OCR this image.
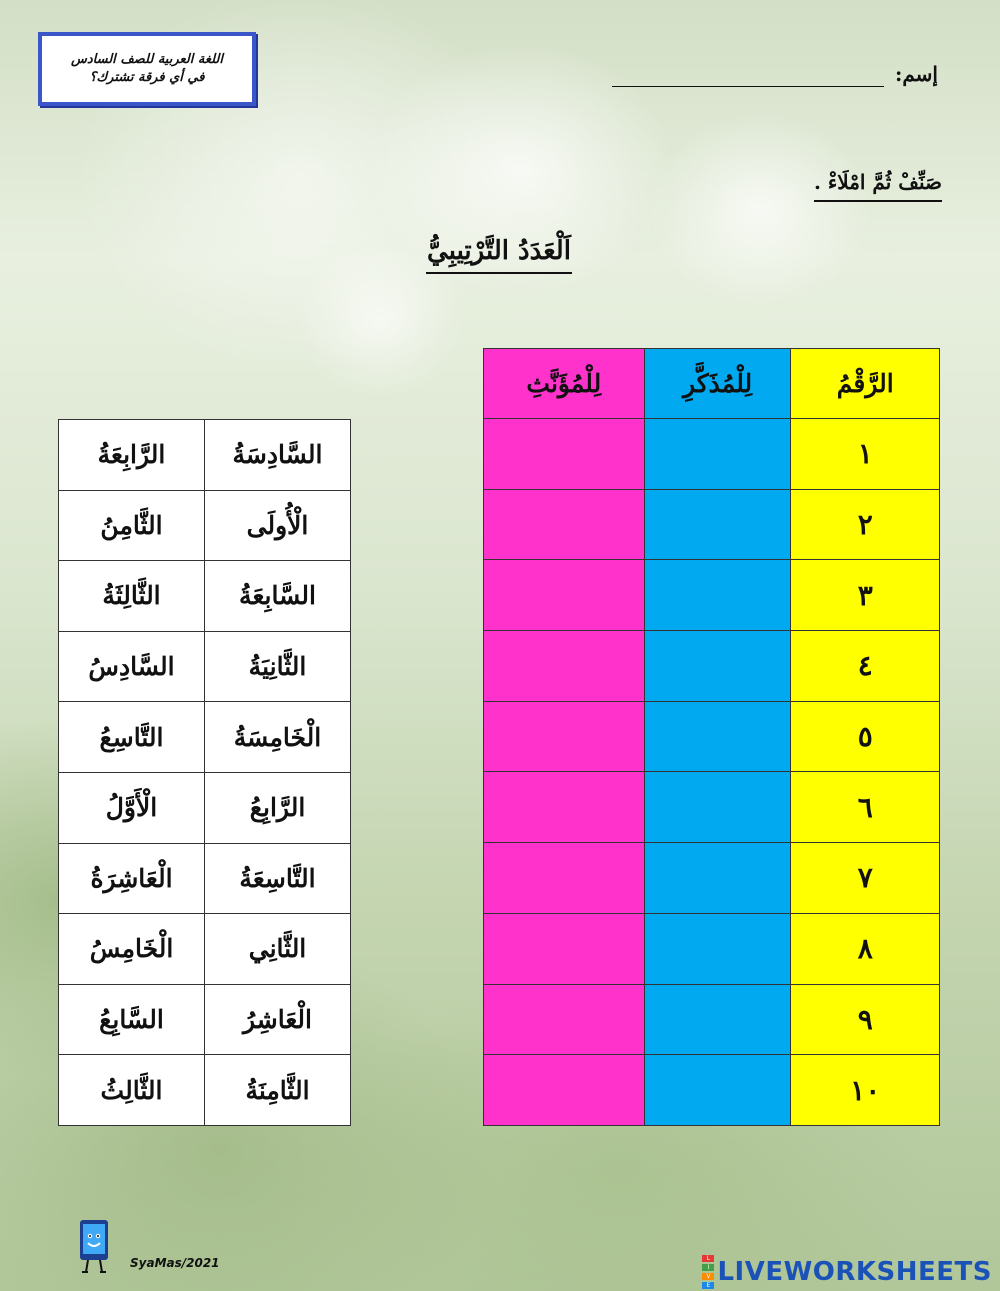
اللغة العربية للصف السادس
في أي فرقة تشترك؟	إسم:
صَنِّفْ ثُمَّ امْلَاءْ .
اَلْعَدَدُ التَّرْتِيبِيُّ
الرَّابِعَةُ	السَّادِسَةُ
الثَّامِنُ	الْأُولَى
الثَّالِثَةُ	السَّابِعَةُ
السَّادِسُ	الثَّانِيَةُ
التَّاسِعُ	الْخَامِسَةُ
الْأَوَّلُ	الرَّابِعُ
الْعَاشِرَةُ	التَّاسِعَةُ
الْخَامِسُ	الثَّانِي
السَّابِعُ	الْعَاشِرُ
الثَّالِثُ	الثَّامِنَةُ
لِلْمُؤَنَّثِ	لِلْمُذَكَّرِ	الرَّقْمُ
		١
		٢
		٣
		٤
		٥
		٦
		٧
		٨
		٩
		١٠
SyaMas/2021	L
I
V
E LIVEWORKSHEETS
